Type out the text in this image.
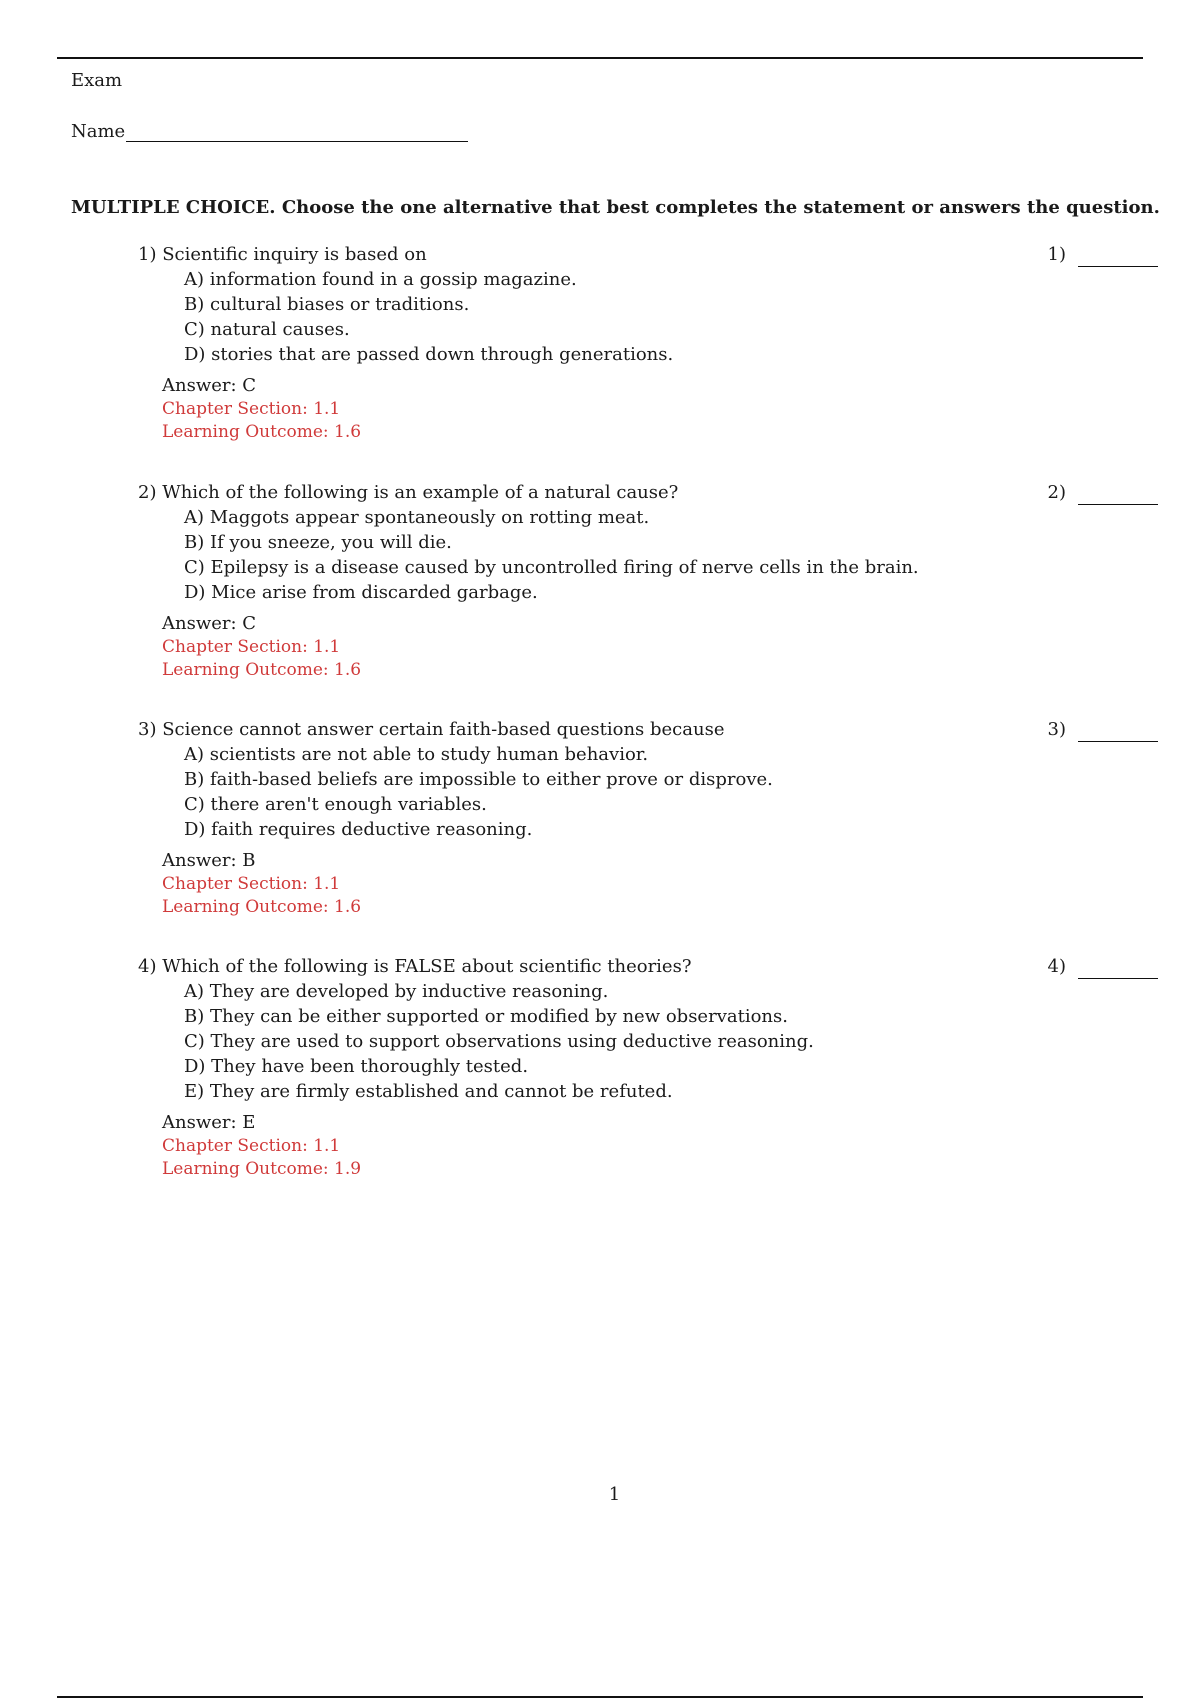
Exam
Name
MULTIPLE CHOICE. Choose the one alternative that best completes the statement or answers the question.
1) Scientific inquiry is based on	1)
A) information found in a gossip magazine.
B) cultural biases or traditions.
C) natural causes.
D) stories that are passed down through generations.
Answer: C
Chapter Section: 1.1
Learning Outcome: 1.6
2) Which of the following is an example of a natural cause?	2)
A) Maggots appear spontaneously on rotting meat.
B) If you sneeze, you will die.
C) Epilepsy is a disease caused by uncontrolled firing of nerve cells in the brain.
D) Mice arise from discarded garbage.
Answer: C
Chapter Section: 1.1
Learning Outcome: 1.6
3) Science cannot answer certain faith-based questions because	3)
A) scientists are not able to study human behavior.
B) faith-based beliefs are impossible to either prove or disprove.
C) there aren't enough variables.
D) faith requires deductive reasoning.
Answer: B
Chapter Section: 1.1
Learning Outcome: 1.6
4) Which of the following is FALSE about scientific theories?	4)
A) They are developed by inductive reasoning.
B) They can be either supported or modified by new observations.
C) They are used to support observations using deductive reasoning.
D) They have been thoroughly tested.
E) They are firmly established and cannot be refuted.
Answer: E
Chapter Section: 1.1
Learning Outcome: 1.9
1
